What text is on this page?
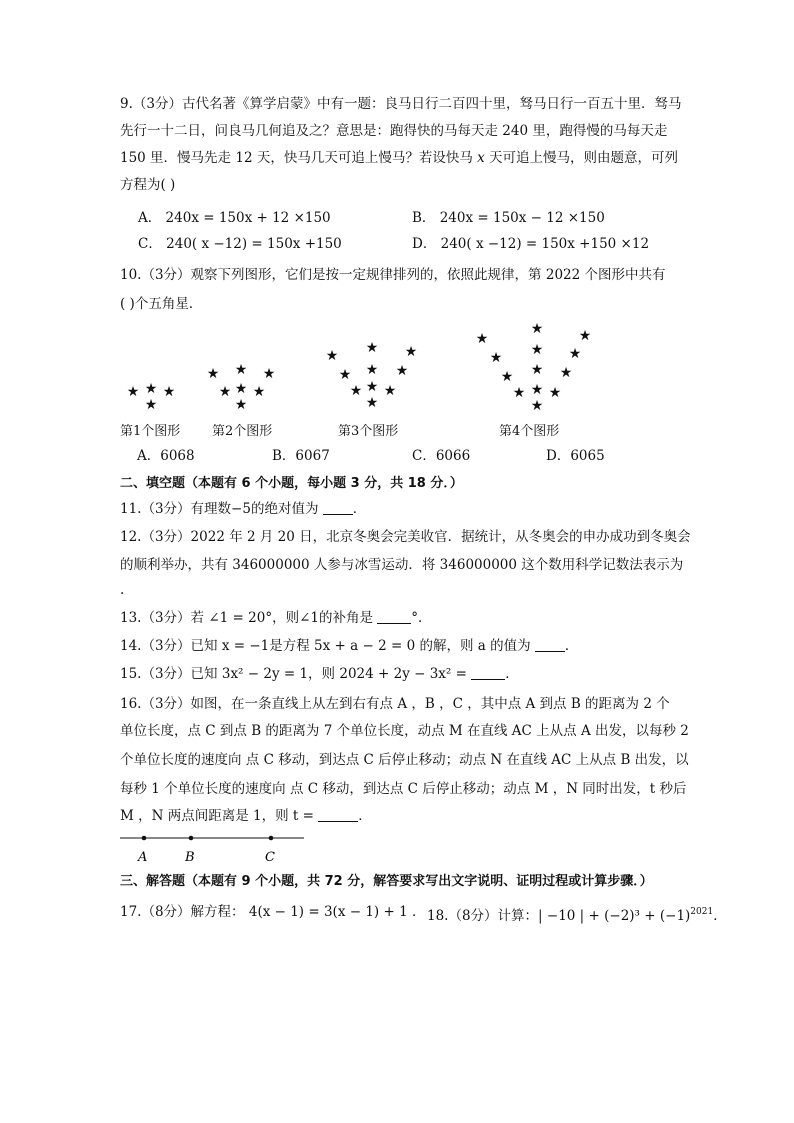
9.（3分）古代名著《算学启蒙》中有一题：良马日行二百四十里，驽马日行一百五十里．驽马
先行一十二日，问良马几何追及之？意思是：跑得快的马每天走 240 里，跑得慢的马每天走
150 里．慢马先走 12 天，快马几天可追上慢马？若设快马 x 天可追上慢马，则由题意，可列
方程为( )
A． 240x = 150x + 12 ×150	B． 240x = 150x − 12 ×150
C． 240( x −12) = 150x +150	D． 240( x −12) = 150x +150 ×12
10.（3分）观察下列图形，它们是按一定规律排列的，依照此规律，第 2022 个图形中共有
( )个五角星．
★ ★ ★
★
★ ★ ★
★ ★ ★
★
★ ★ ★
★ ★ ★
★ ★ ★
★
★
★	★
★ ★ ★
★ ★ ★
★ ★ ★
★
第1个图形 第2个图形	第3个图形	第4个图形
A．6068	B．6067	C．6066	D．6065
二、填空题（本题有 6 个小题，每小题 3 分，共 18 分．）
11.（3分）有理数−5的绝对值为	．
12.（3分）2022 年 2 月 20 日，北京冬奥会完美收官．据统计，从冬奥会的申办成功到冬奥会
的顺利举办，共有 346000000 人参与冰雪运动．将 346000000 这个数用科学记数法表示为
.
13.（3分）若 ∠1 = 20°，则∠1的补角是	°．
14.（3分）已知 x = −1是方程 5x + a − 2 = 0 的解，则 a 的值为	．
15.（3分）已知 3x² − 2y = 1，则 2024 + 2y − 3x² =	．
16.（3分）如图，在一条直线上从左到右有点 A ，B ，C ，其中点 A 到点 B 的距离为 2 个
单位长度，点 C 到点 B 的距离为 7 个单位长度，动点 M 在直线 AC 上从点 A 出发，以每秒 2
个单位长度的速度向 点 C 移动，到达点 C 后停止移动；动点 N 在直线 AC 上从点 B 出发，以
每秒 1 个单位长度的速度向 点 C 移动，到达点 C 后停止移动；动点 M ，N 同时出发，t 秒后
M ，N 两点间距离是 1，则 t =	．
A	B	C
三、解答题（本题有 9 个小题，共 72 分，解答要求写出文字说明、证明过程或计算步骤．）
17.（8分）解方程： 4(x − 1) = 3(x − 1) + 1 ． 18.（8分）计算：| −10 | + $(-2)^3 + (-1)^{2021}$．
